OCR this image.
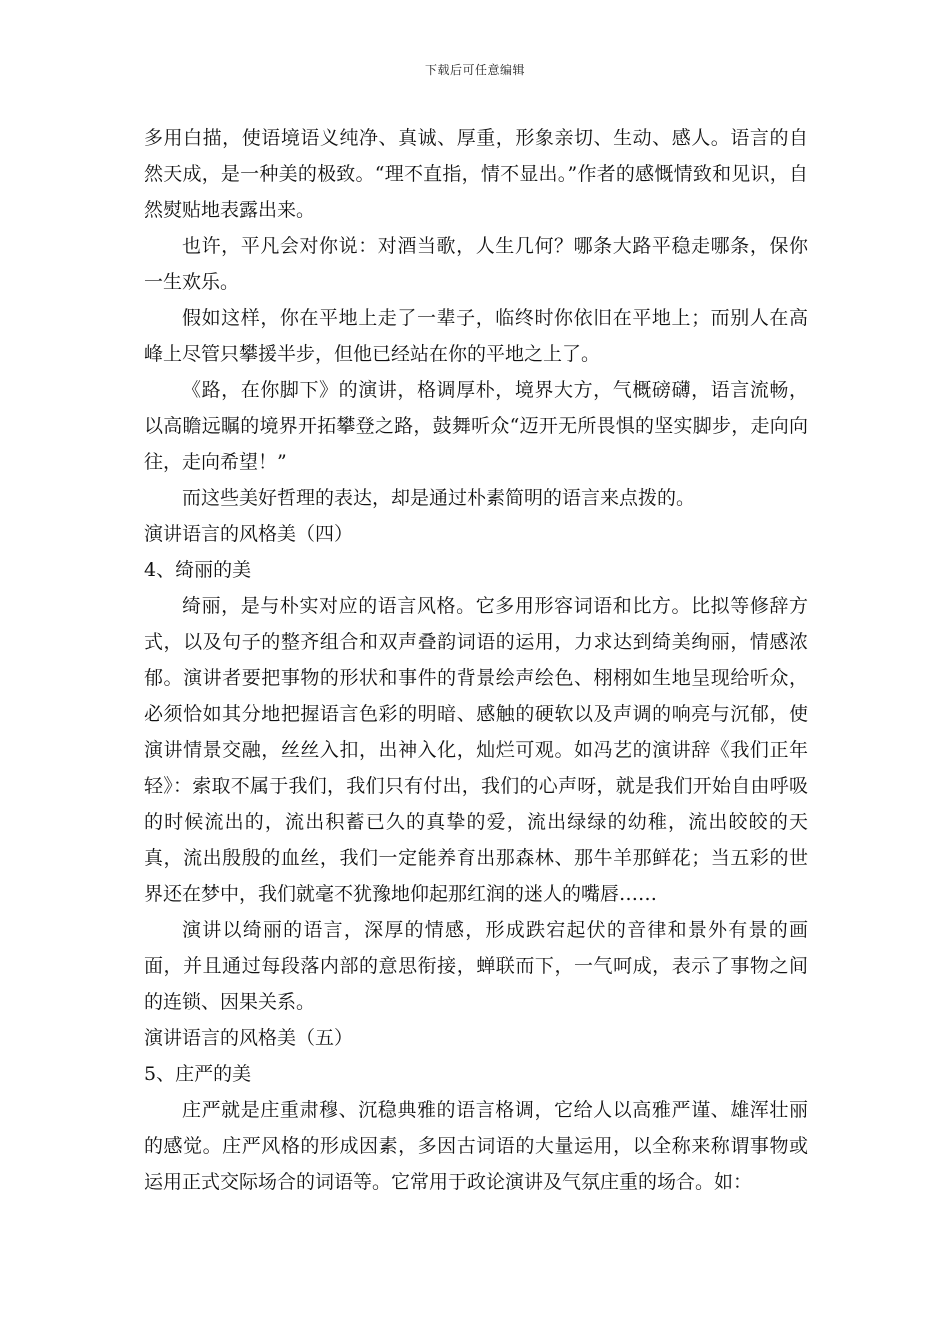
下载后可任意编辑

多用白描，使语境语义纯净、真诚、厚重，形象亲切、生动、感人。语言的自然天成，是一种美的极致。“理不直指，情不显出。”作者的感慨情致和见识，自然熨贴地表露出来。

也许，平凡会对你说：对酒当歌，人生几何？哪条大路平稳走哪条，保你一生欢乐。

假如这样，你在平地上走了一辈子，临终时你依旧在平地上；而别人在高峰上尽管只攀援半步，但他已经站在你的平地之上了。

《路，在你脚下》的演讲，格调厚朴，境界大方，气概磅礴，语言流畅，以高瞻远瞩的境界开拓攀登之路，鼓舞听众“迈开无所畏惧的坚实脚步，走向向往，走向希望！”

而这些美好哲理的表达，却是通过朴素简明的语言来点拨的。

演讲语言的风格美（四）

4、绮丽的美

绮丽，是与朴实对应的语言风格。它多用形容词语和比方。比拟等修辞方式，以及句子的整齐组合和双声叠韵词语的运用，力求达到绮美绚丽，情感浓郁。演讲者要把事物的形状和事件的背景绘声绘色、栩栩如生地呈现给听众，必须恰如其分地把握语言色彩的明暗、感触的硬软以及声调的响亮与沉郁，使演讲情景交融，丝丝入扣，出神入化，灿烂可观。如冯艺的演讲辞《我们正年轻》：索取不属于我们，我们只有付出，我们的心声呀，就是我们开始自由呼吸的时候流出的，流出积蓄已久的真挚的爱，流出绿绿的幼稚，流出皎皎的天真，流出殷殷的血丝，我们一定能养育出那森林、那牛羊那鲜花；当五彩的世界还在梦中，我们就毫不犹豫地仰起那红润的迷人的嘴唇……

演讲以绮丽的语言，深厚的情感，形成跌宕起伏的音律和景外有景的画面，并且通过每段落内部的意思衔接，蝉联而下，一气呵成，表示了事物之间的连锁、因果关系。

演讲语言的风格美（五）

5、庄严的美

庄严就是庄重肃穆、沉稳典雅的语言格调，它给人以高雅严谨、雄浑壮丽的感觉。庄严风格的形成因素，多因古词语的大量运用，以全称来称谓事物或运用正式交际场合的词语等。它常用于政论演讲及气氛庄重的场合。如：
